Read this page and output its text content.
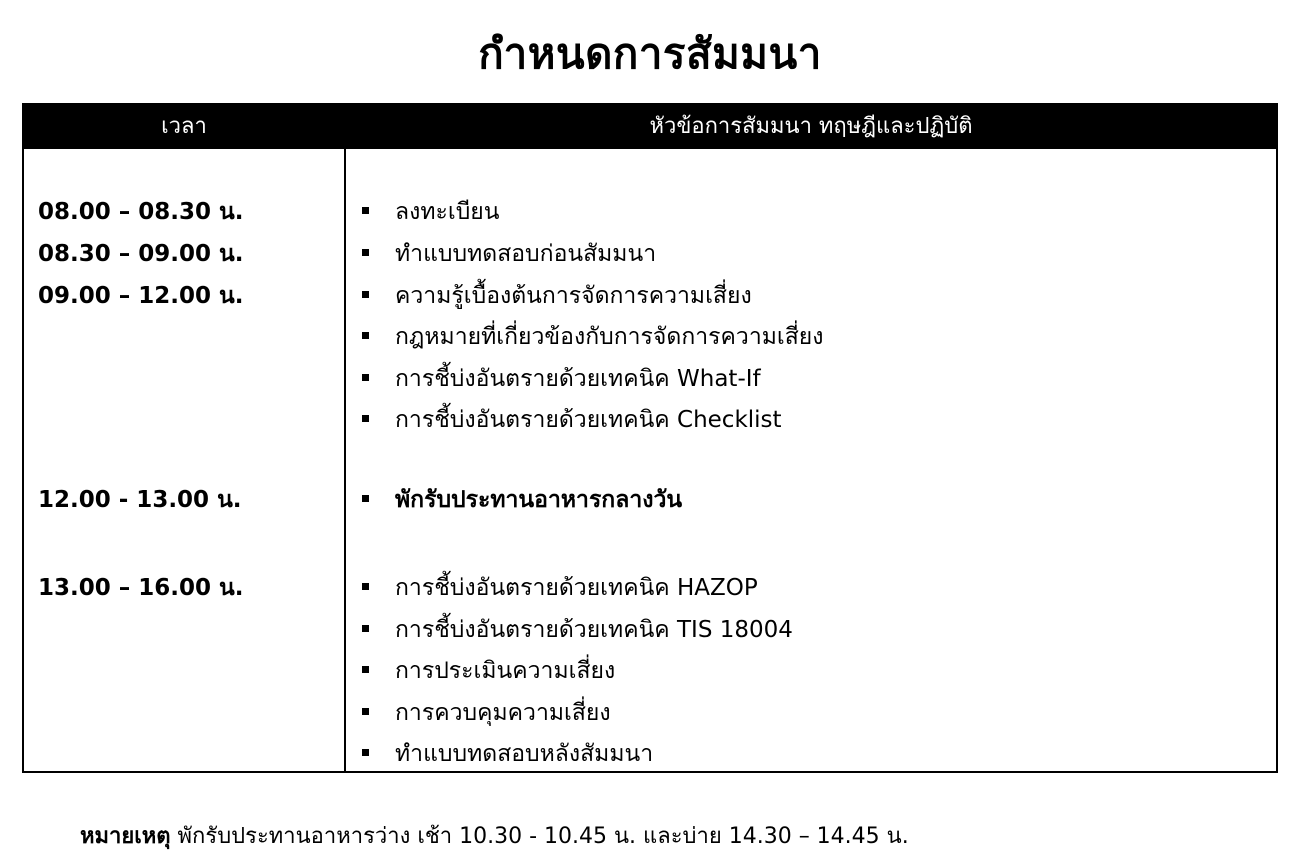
กำหนดการสัมมนา
เวลา	หัวข้อการสัมมนา ทฤษฎีและปฏิบัติ
08.00 – 08.30 น.
08.30 – 09.00 น.
09.00 – 12.00 น.
12.00 - 13.00 น.
13.00 – 16.00 น.
ลงทะเบียน
ทำแบบทดสอบก่อนสัมมนา
ความรู้เบื้องต้นการจัดการความเสี่ยง
กฎหมายที่เกี่ยวข้องกับการจัดการความเสี่ยง
การชี้บ่งอันตรายด้วยเทคนิค What-If
การชี้บ่งอันตรายด้วยเทคนิค Checklist
พักรับประทานอาหารกลางวัน
การชี้บ่งอันตรายด้วยเทคนิค HAZOP
การชี้บ่งอันตรายด้วยเทคนิค TIS 18004
การประเมินความเสี่ยง
การควบคุมความเสี่ยง
ทำแบบทดสอบหลังสัมมนา
หมายเหตุ พักรับประทานอาหารว่าง เช้า 10.30 - 10.45 น. และบ่าย 14.30 – 14.45 น.
